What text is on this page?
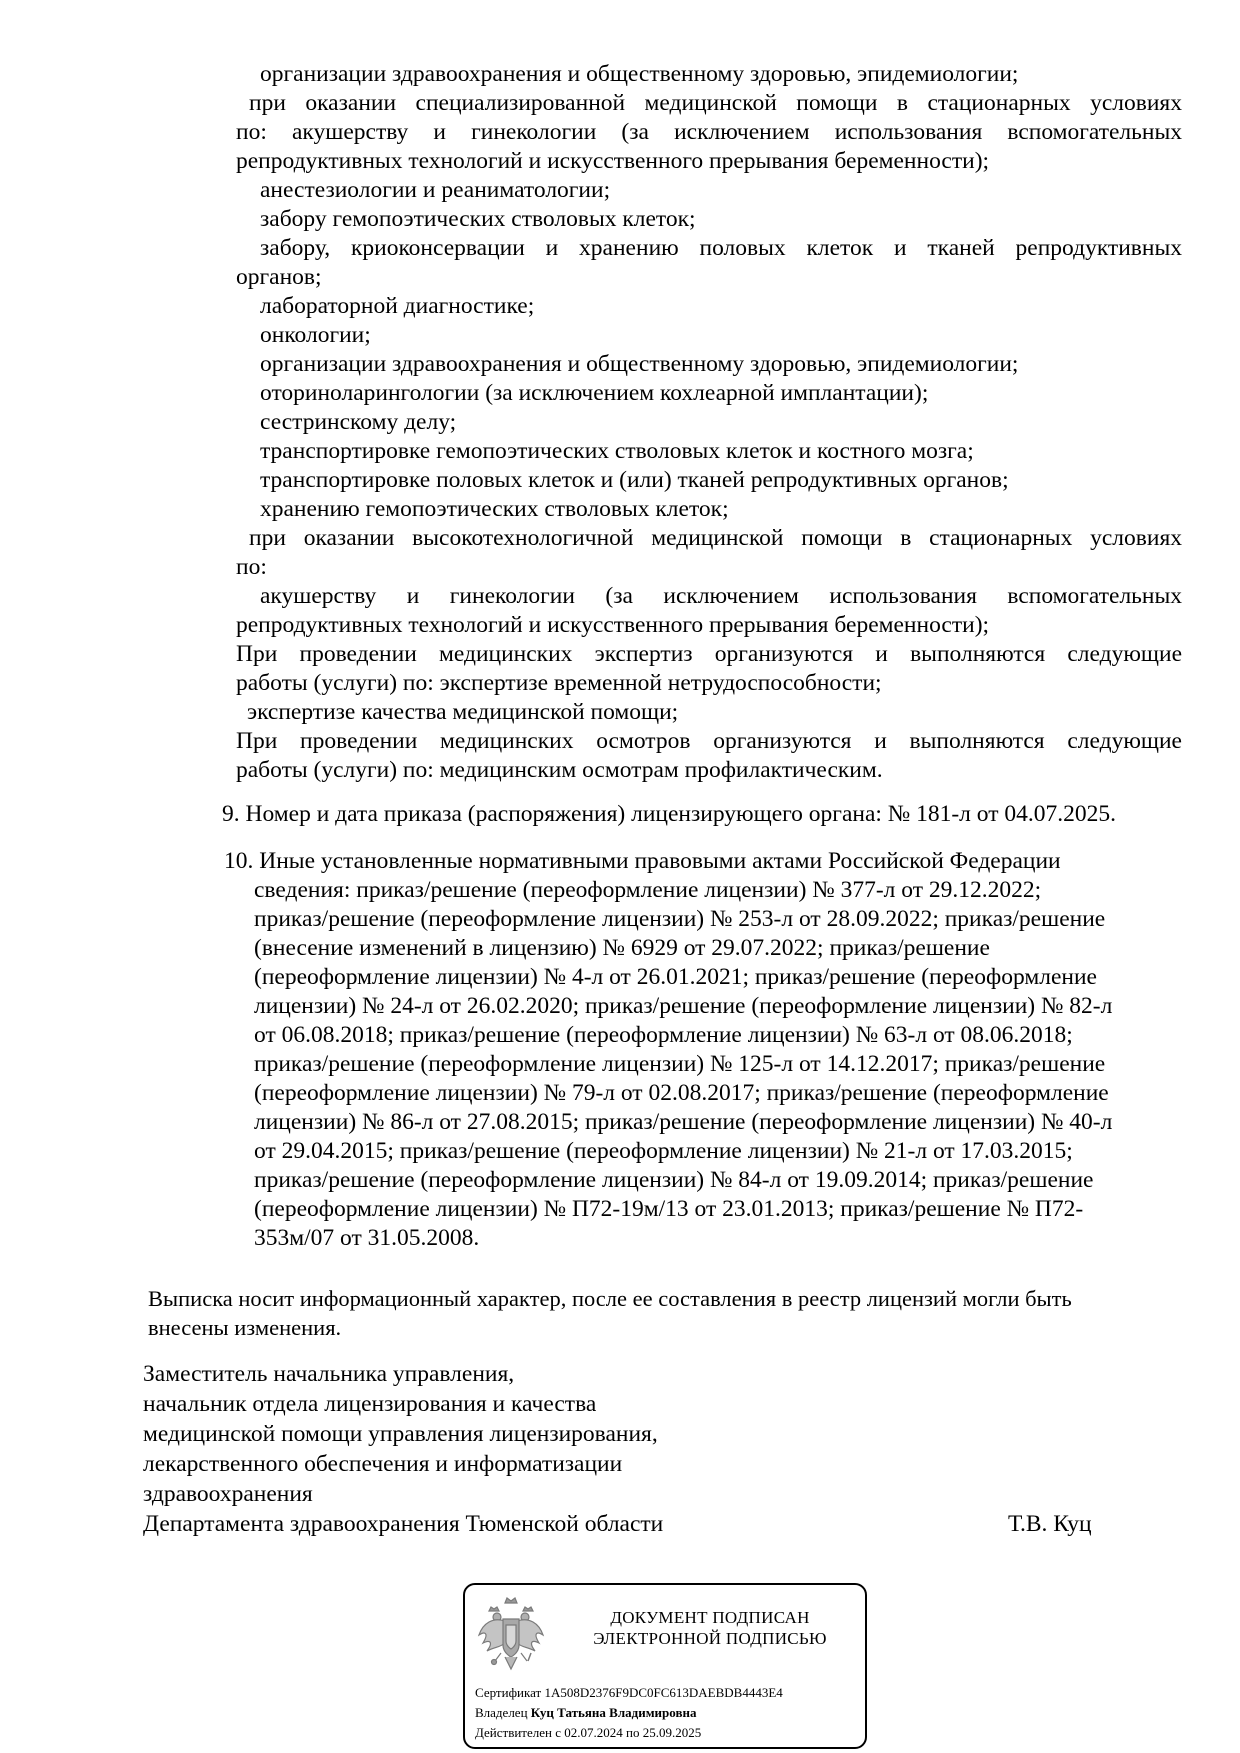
организации здравоохранения и общественному здоровью, эпидемиологии;
при оказании специализированной медицинской помощи в стационарных условиях
по: акушерству и гинекологии (за исключением использования вспомогательных
репродуктивных технологий и искусственного прерывания беременности);
анестезиологии и реаниматологии;
забору гемопоэтических стволовых клеток;
забору, криоконсервации и хранению половых клеток и тканей репродуктивных
органов;
лабораторной диагностике;
онкологии;
организации здравоохранения и общественному здоровью, эпидемиологии;
оториноларингологии (за исключением кохлеарной имплантации);
сестринскому делу;
транспортировке гемопоэтических стволовых клеток и костного мозга;
транспортировке половых клеток и (или) тканей репродуктивных органов;
хранению гемопоэтических стволовых клеток;
при оказании высокотехнологичной медицинской помощи в стационарных условиях
по:
акушерству и гинекологии (за исключением использования вспомогательных
репродуктивных технологий и искусственного прерывания беременности);
При проведении медицинских экспертиз организуются и выполняются следующие
работы (услуги) по: экспертизе временной нетрудоспособности;
экспертизе качества медицинской помощи;
При проведении медицинских осмотров организуются и выполняются следующие
работы (услуги) по: медицинским осмотрам профилактическим.
9. Номер и дата приказа (распоряжения) лицензирующего органа: № 181-л от 04.07.2025.
10. Иные установленные нормативными правовыми актами Российской Федерации
сведения: приказ/решение (переоформление лицензии) № 377-л от 29.12.2022;
приказ/решение (переоформление лицензии) № 253-л от 28.09.2022; приказ/решение
(внесение изменений в лицензию) № 6929 от 29.07.2022; приказ/решение
(переоформление лицензии) № 4-л от 26.01.2021; приказ/решение (переоформление
лицензии) № 24-л от 26.02.2020; приказ/решение (переоформление лицензии) № 82-л
от 06.08.2018; приказ/решение (переоформление лицензии) № 63-л от 08.06.2018;
приказ/решение (переоформление лицензии) № 125-л от 14.12.2017; приказ/решение
(переоформление лицензии) № 79-л от 02.08.2017; приказ/решение (переоформление
лицензии) № 86-л от 27.08.2015; приказ/решение (переоформление лицензии) № 40-л
от 29.04.2015; приказ/решение (переоформление лицензии) № 21-л от 17.03.2015;
приказ/решение (переоформление лицензии) № 84-л от 19.09.2014; приказ/решение
(переоформление лицензии) № П72-19м/13 от 23.01.2013; приказ/решение № П72-
353м/07 от 31.05.2008.
Выписка носит информационный характер, после ее составления в реестр лицензий могли быть
внесены изменения.
Заместитель начальника управления,
начальник отдела лицензирования и качества
медицинской помощи управления лицензирования,
лекарственного обеспечения и информатизации
здравоохранения
Департамента здравоохранения Тюменской области	Т.В. Куц
ДОКУМЕНТ ПОДПИСАН
ЭЛЕКТРОННОЙ ПОДПИСЬЮ
Сертификат 1A508D2376F9DC0FC613DAEBDB4443E4
Владелец Куц Татьяна Владимировна
Действителен с 02.07.2024 по 25.09.2025
